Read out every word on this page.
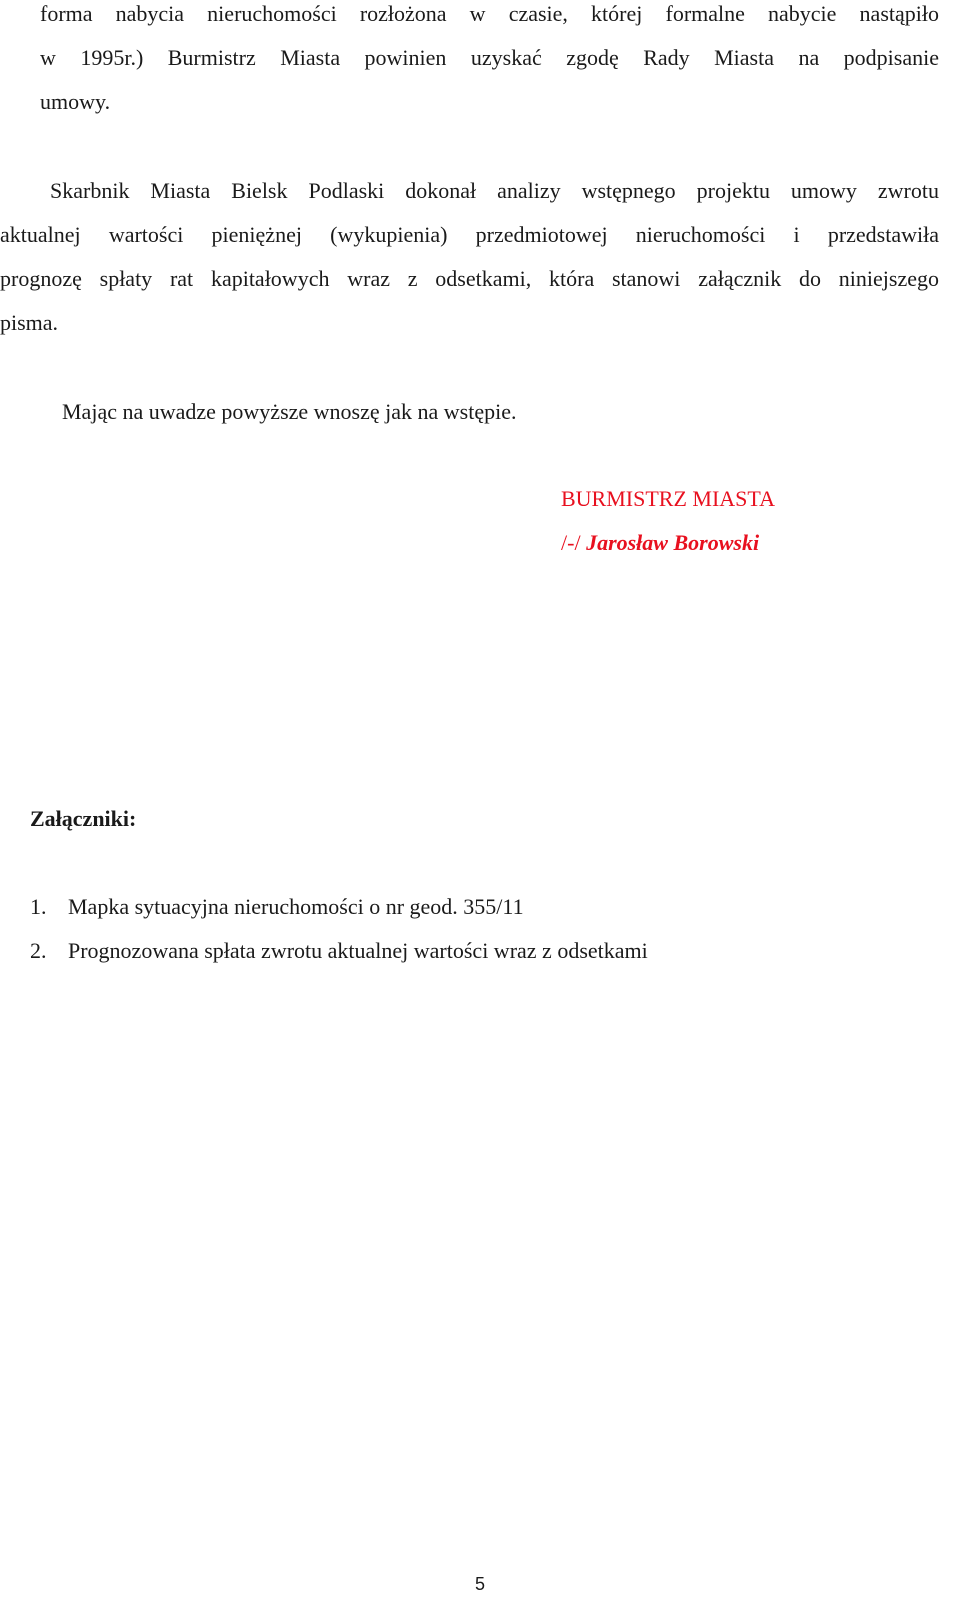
forma nabycia nieruchomości rozłożona w czasie, której formalne nabycie nastąpiło
w 1995r.) Burmistrz Miasta powinien uzyskać zgodę Rady Miasta na podpisanie
umowy.
Skarbnik Miasta Bielsk Podlaski dokonał analizy wstępnego projektu umowy zwrotu
aktualnej wartości pieniężnej (wykupienia) przedmiotowej nieruchomości i przedstawiła
prognozę spłaty rat kapitałowych wraz z odsetkami, która stanowi załącznik do niniejszego
pisma.
Mając na uwadze powyższe wnoszę jak na wstępie.
BURMISTRZ MIASTA
/-/ Jarosław Borowski
Załączniki:
1. Mapka sytuacyjna nieruchomości o nr geod. 355/11
2. Prognozowana spłata zwrotu aktualnej wartości wraz z odsetkami
5
